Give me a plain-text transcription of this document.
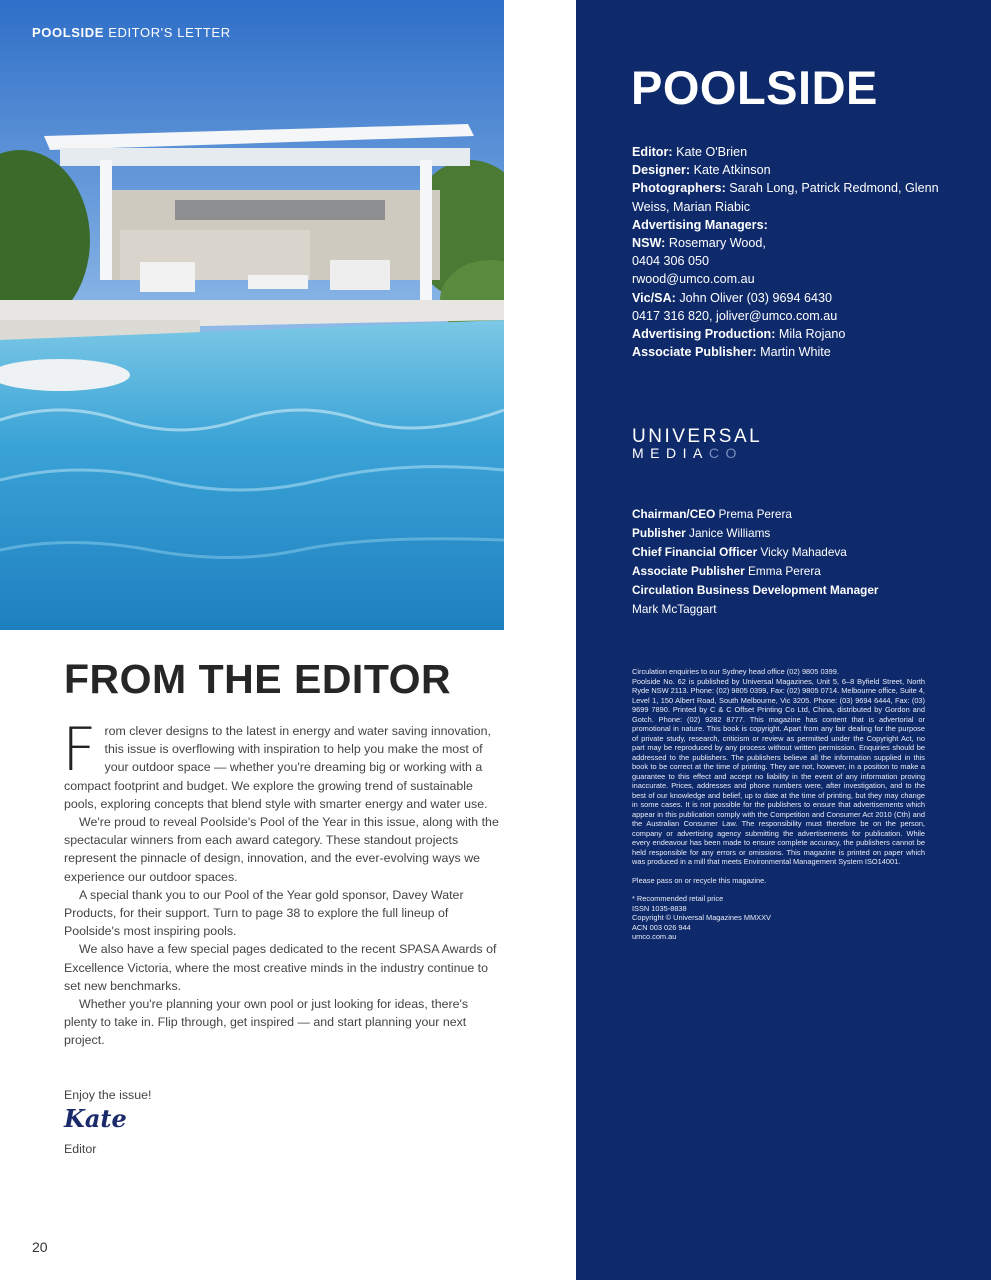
POOLSIDE EDITOR'S LETTER
FROM THE EDITOR

From clever designs to the latest in energy and water saving innovation, this issue is overflowing with inspiration to help you make the most of your outdoor space — whether you're dreaming big or working with a compact footprint and budget. We explore the growing trend of sustainable pools, exploring concepts that blend style with smarter energy and water use.

We're proud to reveal Poolside's Pool of the Year in this issue, along with the spectacular winners from each award category. These standout projects represent the pinnacle of design, innovation, and the ever-evolving ways we experience our outdoor spaces.

A special thank you to our Pool of the Year gold sponsor, Davey Water Products, for their support. Turn to page 38 to explore the full lineup of Poolside's most inspiring pools.

We also have a few special pages dedicated to the recent SPASA Awards of Excellence Victoria, where the most creative minds in the industry continue to set new benchmarks.

Whether you're planning your own pool or just looking for ideas, there's plenty to take in. Flip through, get inspired — and start planning your next project.

Enjoy the issue!
Kate
Editor
20
POOLSIDE
Editor: Kate O'Brien
Designer: Kate Atkinson
Photographers: Sarah Long, Patrick Redmond, Glenn Weiss, Marian Riabic
Advertising Managers:
NSW: Rosemary Wood,
0404 306 050
rwood@umco.com.au
Vic/SA: John Oliver (03) 9694 6430
0417 316 820, joliver@umco.com.au
Advertising Production: Mila Rojano
Associate Publisher: Martin White
UNIVERSAL
MEDIACO
Chairman/CEO Prema Perera
Publisher Janice Williams
Chief Financial Officer Vicky Mahadeva
Associate Publisher Emma Perera
Circulation Business Development Manager
Mark McTaggart

Circulation enquiries to our Sydney head office (02) 9805 0399.

Poolside No. 62 is published by Universal Magazines, Unit 5, 6–8 Byfield Street, North Ryde NSW 2113. Phone: (02) 9805 0399, Fax: (02) 9805 0714. Melbourne office, Suite 4, Level 1, 150 Albert Road, South Melbourne, Vic 3205. Phone: (03) 9694 6444, Fax: (03) 9699 7890. Printed by C & C Offset Printing Co Ltd, China, distributed by Gordon and Gotch. Phone: (02) 9282 8777. This magazine has content that is advertorial or promotional in nature. This book is copyright. Apart from any fair dealing for the purpose of private study, research, criticism or review as permitted under the Copyright Act, no part may be reproduced by any process without written permission. Enquiries should be addressed to the publishers. The publishers believe all the information supplied in this book to be correct at the time of printing. They are not, however, in a position to make a guarantee to this effect and accept no liability in the event of any information proving inaccurate. Prices, addresses and phone numbers were, after investigation, and to the best of our knowledge and belief, up to date at the time of printing, but they may change in some cases. It is not possible for the publishers to ensure that advertisements which appear in this publication comply with the Competition and Consumer Act 2010 (Cth) and the Australian Consumer Law. The responsibility must therefore be on the person, company or advertising agency submitting the advertisements for publication. While every endeavour has been made to ensure complete accuracy, the publishers cannot be held responsible for any errors or omissions. This magazine is printed on paper which was produced in a mill that meets Environmental Management System ISO14001.

Please pass on or recycle this magazine.

* Recommended retail price
ISSN 1035-8838
Copyright © Universal Magazines MMXXV
ACN 003 026 944
umco.com.au
